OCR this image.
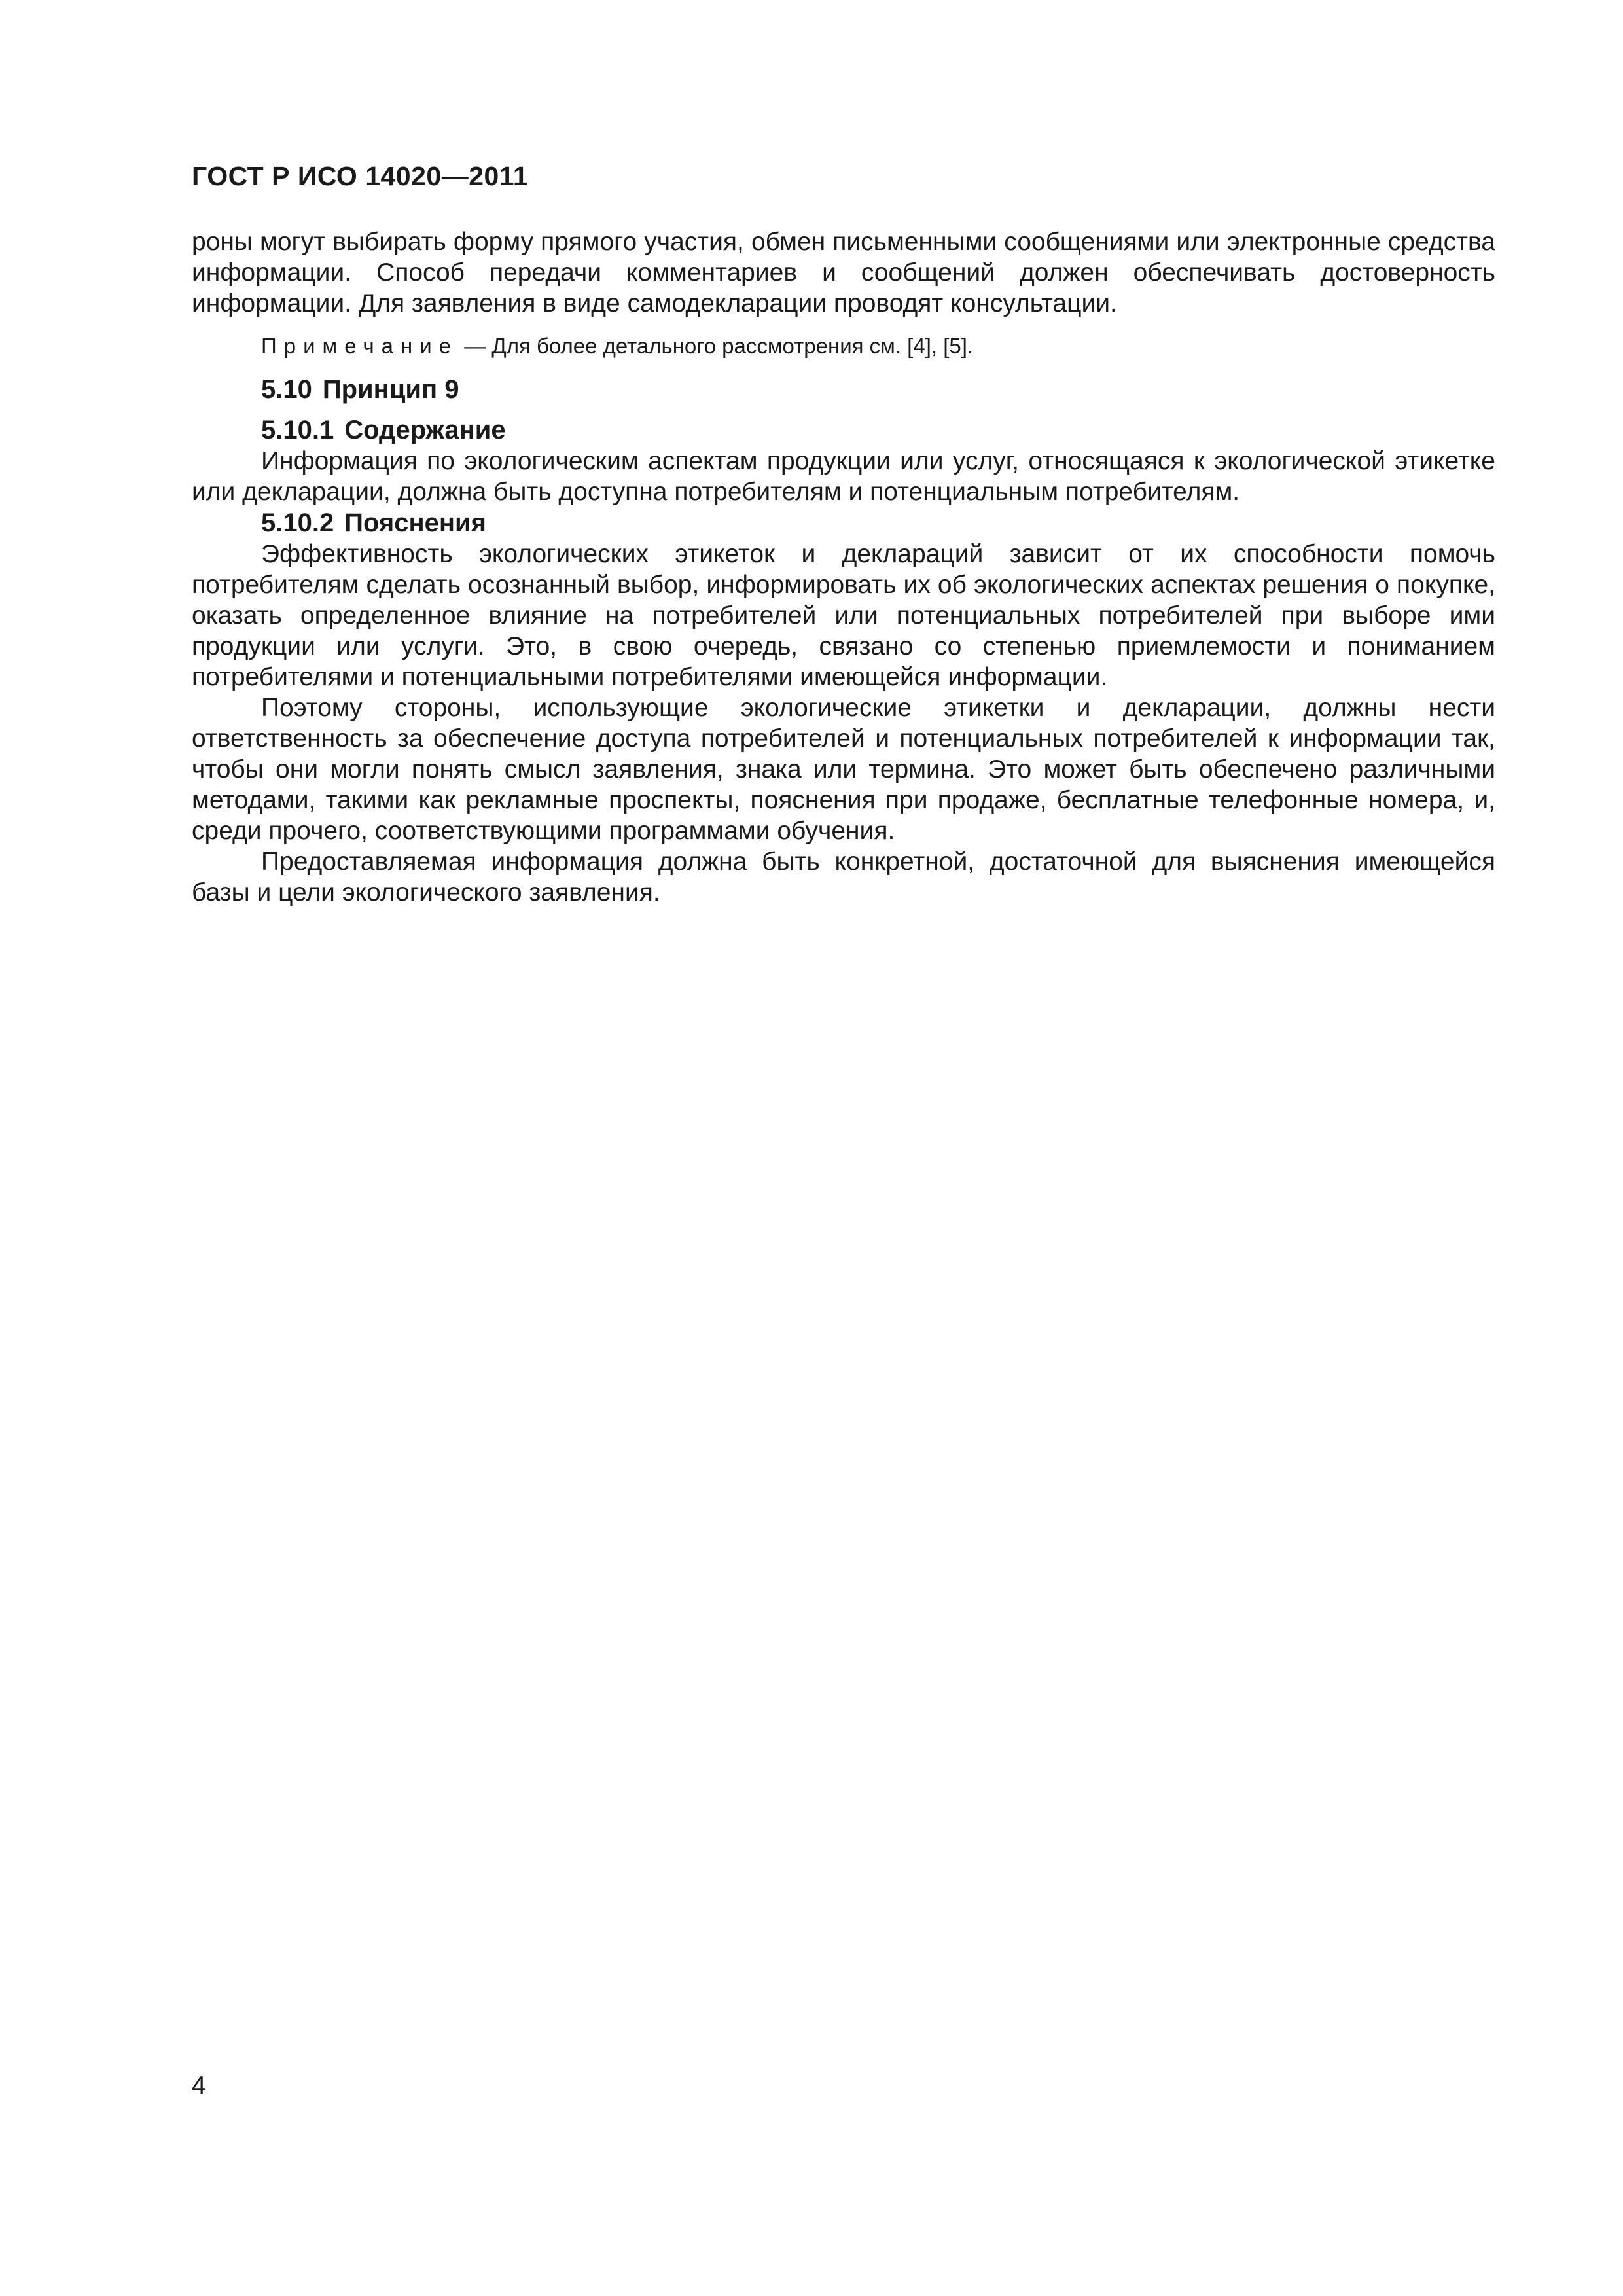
ГОСТ Р ИСО 14020—2011

роны могут выбирать форму прямого участия, обмен письменными сообщениями или электронные средства информации. Способ передачи комментариев и сообщений должен обеспечивать достоверность информации. Для заявления в виде самодекларации проводят консультации.

Примечание — Для более детального рассмотрения см. [4], [5].

5.10 Принцип 9
5.10.1 Содержание

Информация по экологическим аспектам продукции или услуг, относящаяся к экологической этикетке или декларации, должна быть доступна потребителям и потенциальным потребителям.

5.10.2 Пояснения

Эффективность экологических этикеток и деклараций зависит от их способности помочь потребителям сделать осознанный выбор, информировать их об экологических аспектах решения о покупке, оказать определенное влияние на потребителей или потенциальных потребителей при выборе ими продукции или услуги. Это, в свою очередь, связано со степенью приемлемости и пониманием потребителями и потенциальными потребителями имеющейся информации.

Поэтому стороны, использующие экологические этикетки и декларации, должны нести ответственность за обеспечение доступа потребителей и потенциальных потребителей к информации так, чтобы они могли понять смысл заявления, знака или термина. Это может быть обеспечено различными методами, такими как рекламные проспекты, пояснения при продаже, бесплатные телефонные номера, и, среди прочего, соответствующими программами обучения.

Предоставляемая информация должна быть конкретной, достаточной для выяснения имеющейся базы и цели экологического заявления.

4
